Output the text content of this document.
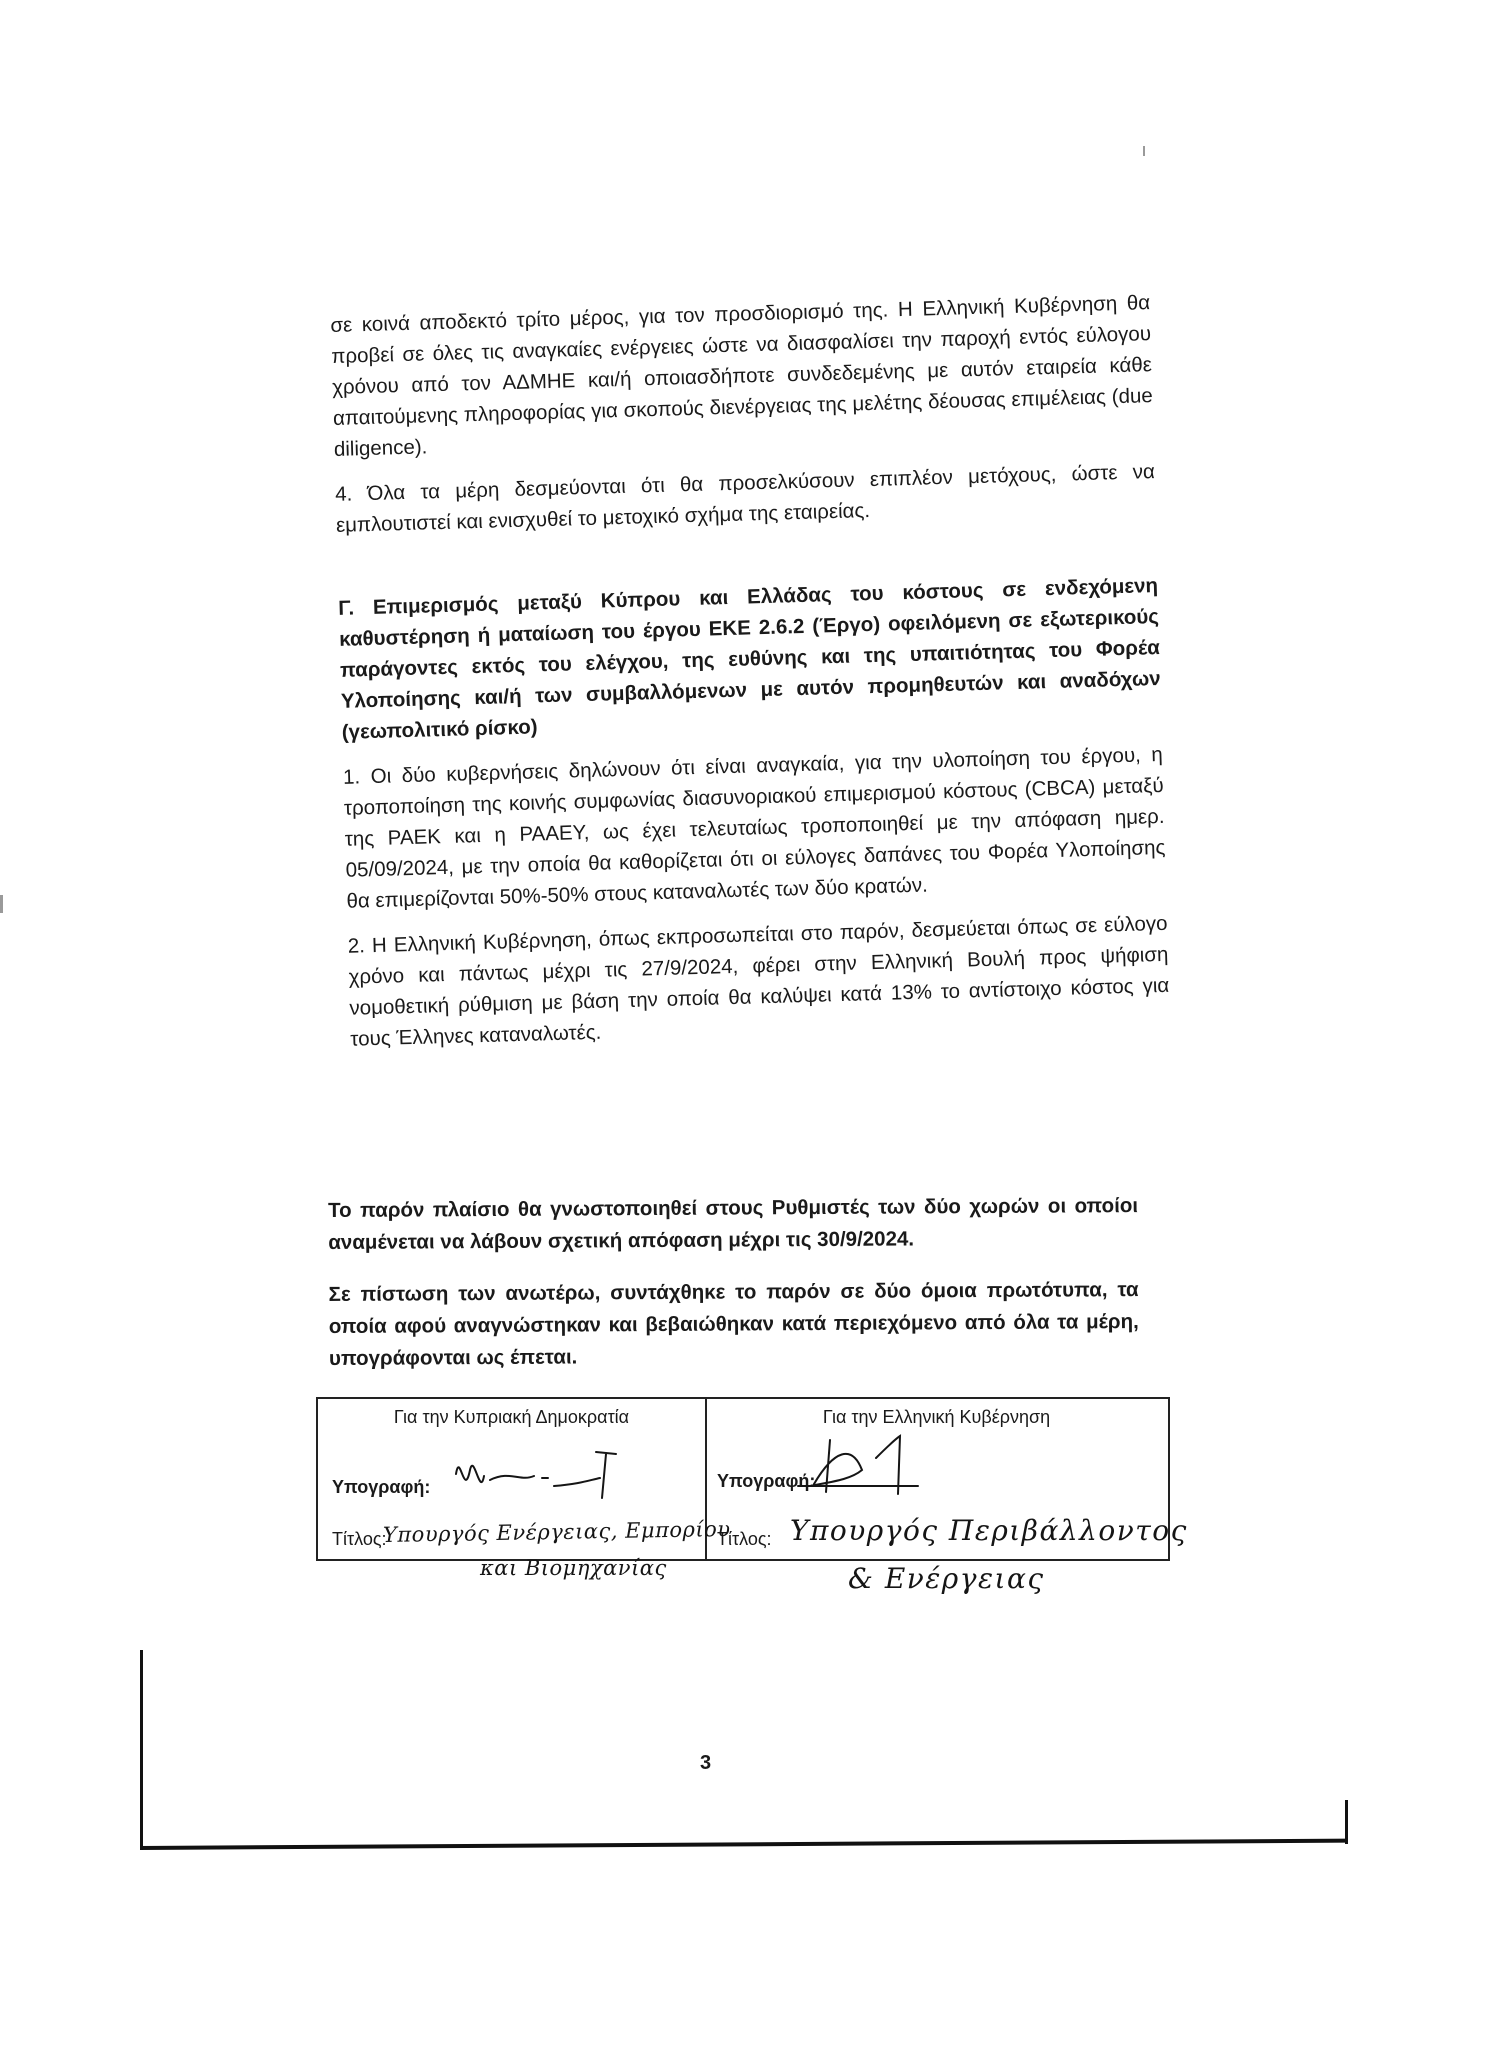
σε κοινά αποδεκτό τρίτο μέρος, για τον προσδιορισμό της. Η Ελληνική Κυβέρνηση θα προβεί σε όλες τις αναγκαίες ενέργειες ώστε να διασφαλίσει την παροχή εντός εύλογου χρόνου από τον ΑΔΜΗΕ και/ή οποιασδήποτε συνδεδεμένης με αυτόν εταιρεία κάθε απαιτούμενης πληροφορίας για σκοπούς διενέργειας της μελέτης δέουσας επιμέλειας (due diligence).

4. Όλα τα μέρη δεσμεύονται ότι θα προσελκύσουν επιπλέον μετόχους, ώστε να εμπλουτιστεί και ενισχυθεί το μετοχικό σχήμα της εταιρείας.

Γ. Επιμερισμός μεταξύ Κύπρου και Ελλάδας του κόστους σε ενδεχόμενη καθυστέρηση ή ματαίωση του έργου ΕΚΕ 2.6.2 (Έργο) οφειλόμενη σε εξωτερικούς παράγοντες εκτός του ελέγχου, της ευθύνης και της υπαιτιότητας του Φορέα Υλοποίησης και/ή των συμβαλλόμενων με αυτόν προμηθευτών και αναδόχων (γεωπολιτικό ρίσκο)

1. Οι δύο κυβερνήσεις δηλώνουν ότι είναι αναγκαία, για την υλοποίηση του έργου, η τροποποίηση της κοινής συμφωνίας διασυνοριακού επιμερισμού κόστους (CBCA) μεταξύ της ΡΑΕΚ και η ΡΑΑΕΥ, ως έχει τελευταίως τροποποιηθεί με την απόφαση ημερ. 05/09/2024, με την οποία θα καθορίζεται ότι οι εύλογες δαπάνες του Φορέα Υλοποίησης θα επιμερίζονται 50%-50% στους καταναλωτές των δύο κρατών.

2. Η Ελληνική Κυβέρνηση, όπως εκπροσωπείται στο παρόν, δεσμεύεται όπως σε εύλογο χρόνο και πάντως μέχρι τις 27/9/2024, φέρει στην Ελληνική Βουλή προς ψήφιση νομοθετική ρύθμιση με βάση την οποία θα καλύψει κατά 13% το αντίστοιχο κόστος για τους Έλληνες καταναλωτές.

Το παρόν πλαίσιο θα γνωστοποιηθεί στους Ρυθμιστές των δύο χωρών οι οποίοι αναμένεται να λάβουν σχετική απόφαση μέχρι τις 30/9/2024.

Σε πίστωση των ανωτέρω, συντάχθηκε το παρόν σε δύο όμοια πρωτότυπα, τα οποία αφού αναγνώστηκαν και βεβαιώθηκαν κατά περιεχόμενο από όλα τα μέρη, υπογράφονται ως έπεται.

Για την Κυπριακή Δημοκρατία
Υπογραφή:
Τίτλος:
Για την Ελληνική Κυβέρνηση
Υπογραφή:
Τίτλος:
Υπουργός Ενέργειας, Εμπορίου
και Βιομηχανίας
Υπουργός Περιβάλλοντος
& Ενέργειας
3
